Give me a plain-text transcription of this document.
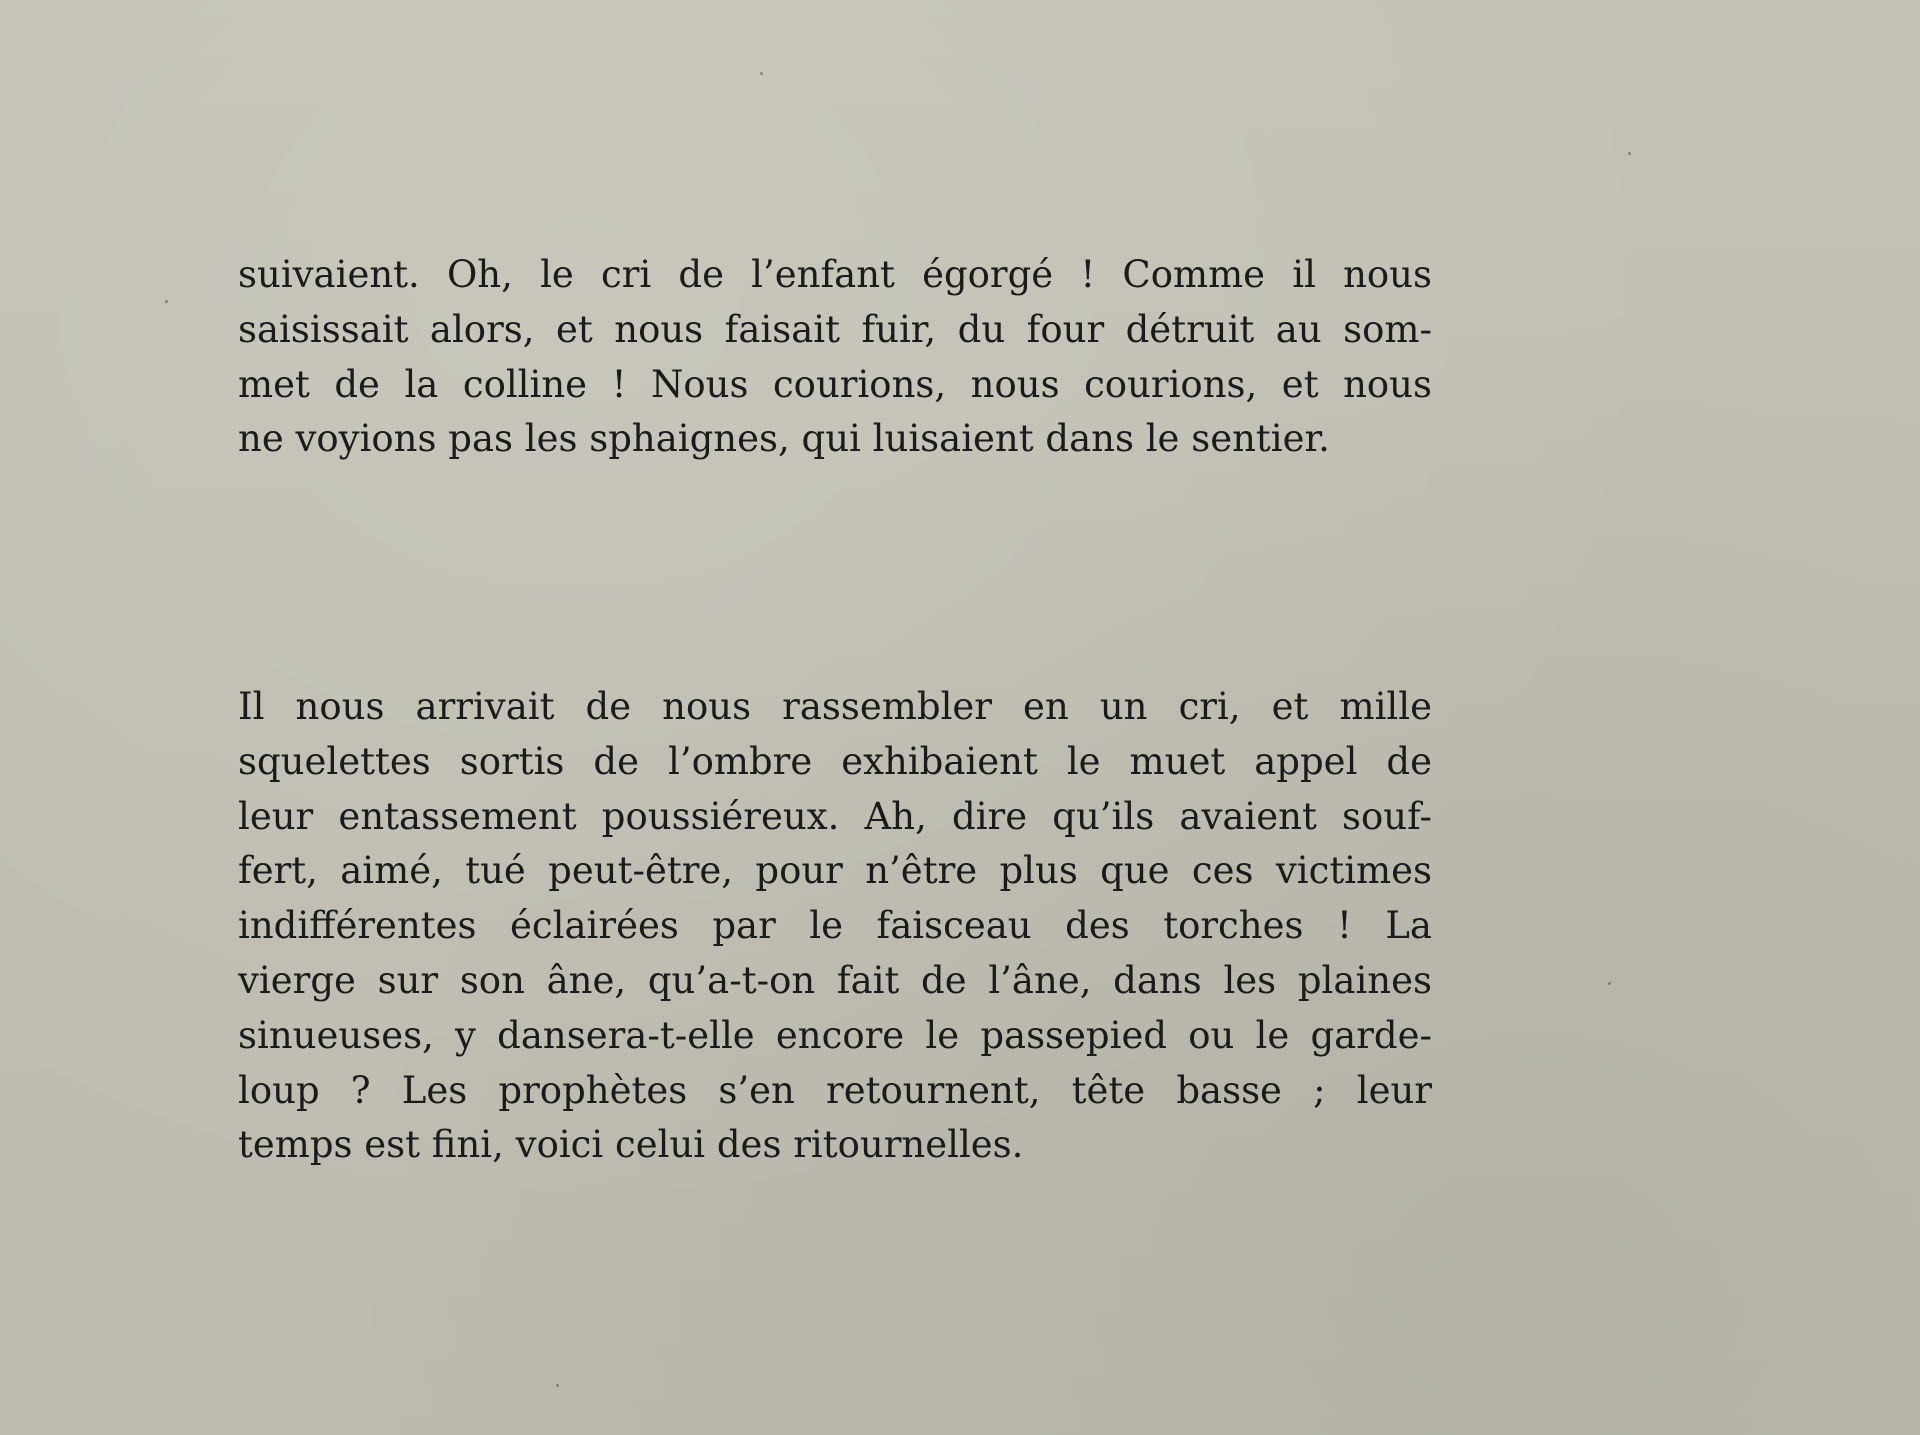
suivaient. Oh, le cri de l’enfant égorgé ! Comme il nous
saisissait alors, et nous faisait fuir, du four détruit au som-
met de la colline ! Nous courions, nous courions, et nous
ne voyions pas les sphaignes, qui luisaient dans le sentier.

Il nous arrivait de nous rassembler en un cri, et mille
squelettes sortis de l’ombre exhibaient le muet appel de
leur entassement poussiéreux. Ah, dire qu’ils avaient souf-
fert, aimé, tué peut-être, pour n’être plus que ces victimes
indifférentes éclairées par le faisceau des torches ! La
vierge sur son âne, qu’a-t-on fait de l’âne, dans les plaines
sinueuses, y dansera-t-elle encore le passepied ou le garde-
loup ? Les prophètes s’en retournent, tête basse ; leur
temps est fini, voici celui des ritournelles.
